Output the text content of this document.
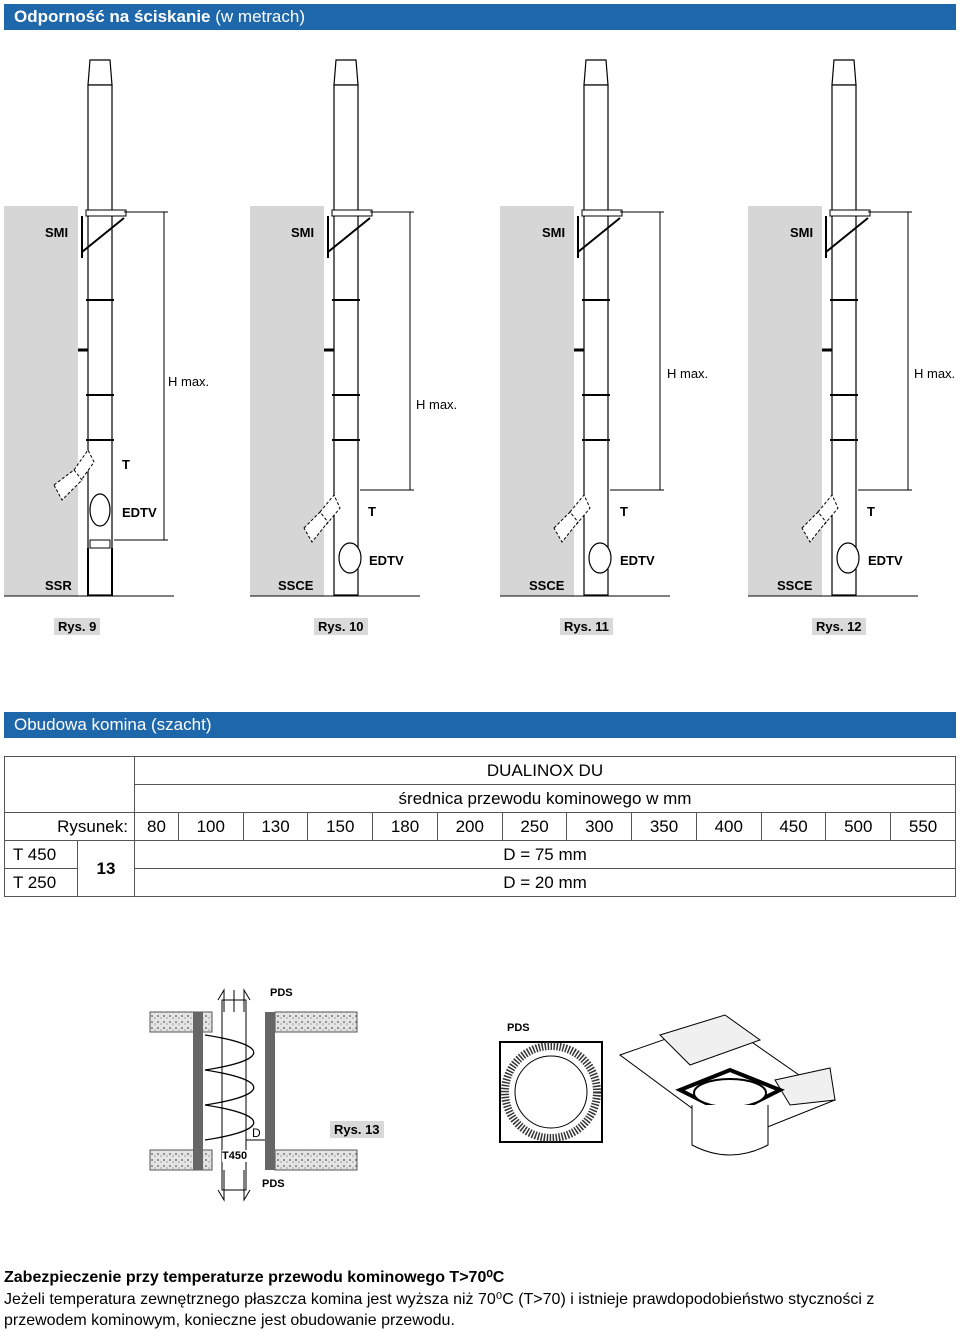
Odporność na ściskanie (w metrach)
SMI
H max.
T
EDTV
SSR
Rys. 9
SMI
H max.
T
EDTV
SSCE
Rys. 10
SMI
H max.
T
EDTV
SSCE
Rys. 11
SMI
H max.
T
EDTV
SSCE
Rys. 12
Obudowa komina (szacht)
		DUALINOX DU												
		średnica przewodu kominowego w mm												
Rysunek:		80	100	130	150	180	200	250	300	350	400	450	500	550
T 450	13	D = 75 mm												
T 250		D = 20 mm												
PDS
PDS
D
T450
PDS
Rys. 13
Zabezpieczenie przy temperaturze przewodu kominowego T>70⁰C
Jeżeli temperatura zewnętrznego płaszcza komina jest wyższa niż 70⁰C (T>70) i istnieje prawdopodobieństwo styczności z przewodem kominowym, konieczne jest obudowanie przewodu.
